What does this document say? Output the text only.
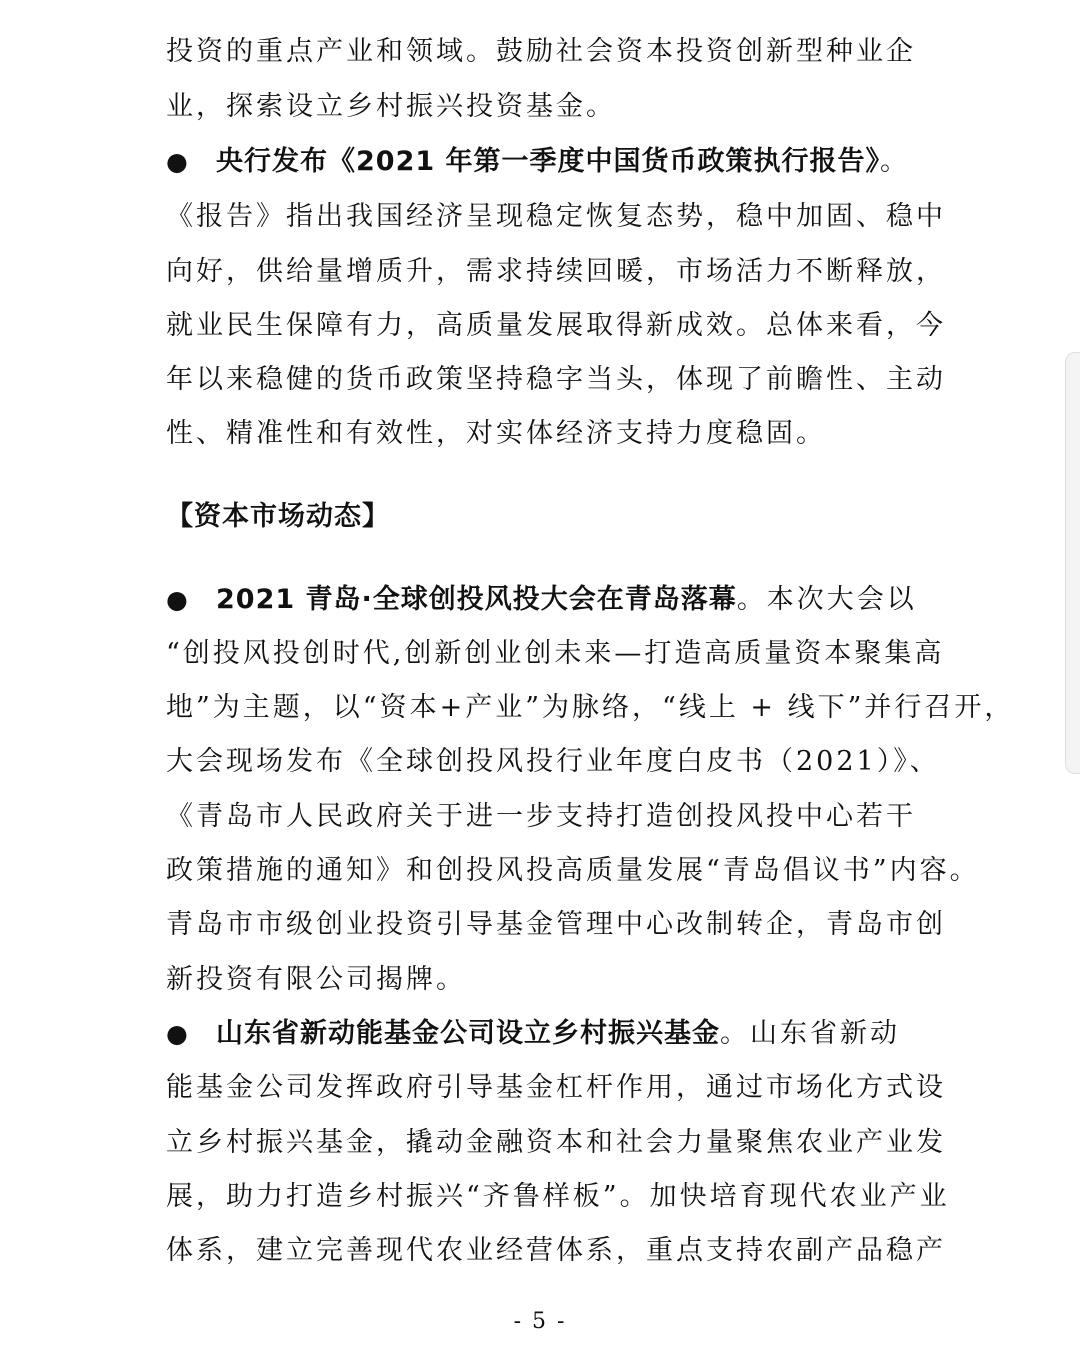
投资的重点产业和领域。鼓励社会资本投资创新型种业企
业，探索设立乡村振兴投资基金。
● 央行发布《2021 年第一季度中国货币政策执行报告》。
《报告》指出我国经济呈现稳定恢复态势，稳中加固、稳中
向好，供给量增质升，需求持续回暖，市场活力不断释放，
就业民生保障有力，高质量发展取得新成效。总体来看，今
年以来稳健的货币政策坚持稳字当头，体现了前瞻性、主动
性、精准性和有效性，对实体经济支持力度稳固。
【资本市场动态】
● 2021 青岛·全球创投风投大会在青岛落幕。本次大会以
“创投风投创时代,创新创业创未来—打造高质量资本聚集高
地”为主题，以“资本+产业”为脉络，“线上 + 线下”并行召开，
大会现场发布《全球创投风投行业年度白皮书（2021）》、
《青岛市人民政府关于进一步支持打造创投风投中心若干
政策措施的通知》和创投风投高质量发展“青岛倡议书”内容。
青岛市市级创业投资引导基金管理中心改制转企，青岛市创
新投资有限公司揭牌。
● 山东省新动能基金公司设立乡村振兴基金。山东省新动
能基金公司发挥政府引导基金杠杆作用，通过市场化方式设
立乡村振兴基金，撬动金融资本和社会力量聚焦农业产业发
展，助力打造乡村振兴“齐鲁样板”。加快培育现代农业产业
体系，建立完善现代农业经营体系，重点支持农副产品稳产
- 5 -
